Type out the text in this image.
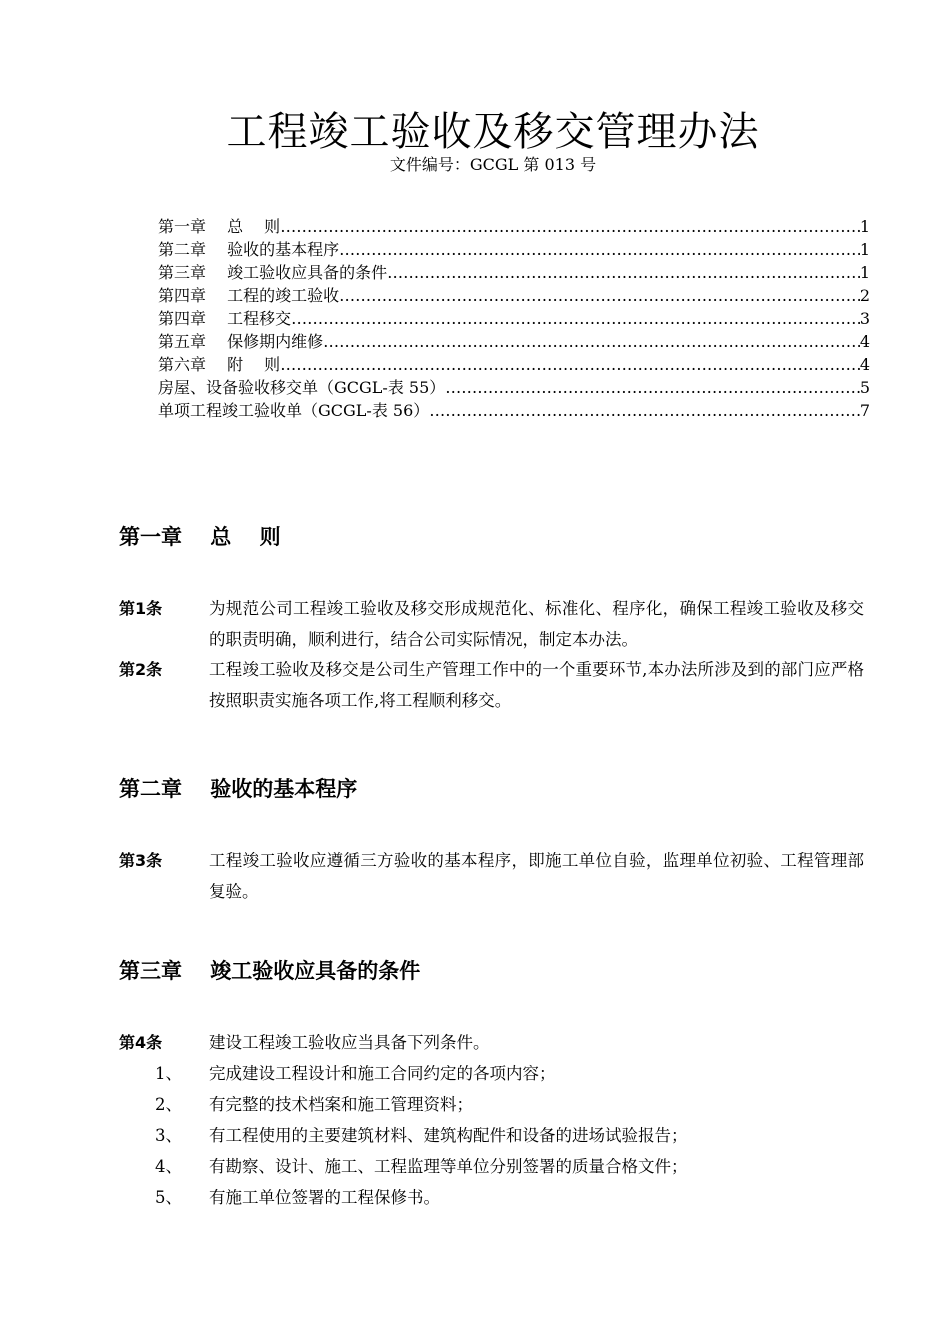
工程竣工验收及移交管理办法
文件编号：GCGL 第 013 号
第一章　 总　 则 …………………………………………………………………………………………………………………………………………………………………………………………………………	1
第二章　 验收的基本程序 …………………………………………………………………………………………………………………………………………………………………………………………………………	1
第三章　 竣工验收应具备的条件 …………………………………………………………………………………………………………………………………………………………………………………………………………	1
第四章　 工程的竣工验收 …………………………………………………………………………………………………………………………………………………………………………………………………………	2
第四章　 工程移交 …………………………………………………………………………………………………………………………………………………………………………………………………………	3
第五章　 保修期内维修 …………………………………………………………………………………………………………………………………………………………………………………………………………	4
第六章　 附　 则 …………………………………………………………………………………………………………………………………………………………………………………………………………	4
房屋、设备验收移交单（GCGL-表 55） …………………………………………………………………………………………………………………………………………………………………………………………………………	5
单项工程竣工验收单（GCGL-表 56） …………………………………………………………………………………………………………………………………………………………………………………………………………	7
第一章　 总　 则
第1条	为规范公司工程竣工验收及移交形成规范化、标准化、程序化，确保工程竣工验收及移交的职责明确，顺利进行，结合公司实际情况，制定本办法。
第2条	工程竣工验收及移交是公司生产管理工作中的一个重要环节,本办法所涉及到的部门应严格按照职责实施各项工作,将工程顺利移交。
第二章　 验收的基本程序
第3条	工程竣工验收应遵循三方验收的基本程序，即施工单位自验，监理单位初验、工程管理部复验。
第三章　 竣工验收应具备的条件
第4条	建设工程竣工验收应当具备下列条件。
1、 完成建设工程设计和施工合同约定的各项内容；
2、 有完整的技术档案和施工管理资料；
3、 有工程使用的主要建筑材料、建筑构配件和设备的进场试验报告；
4、 有勘察、设计、施工、工程监理等单位分别签署的质量合格文件；
5、 有施工单位签署的工程保修书。
